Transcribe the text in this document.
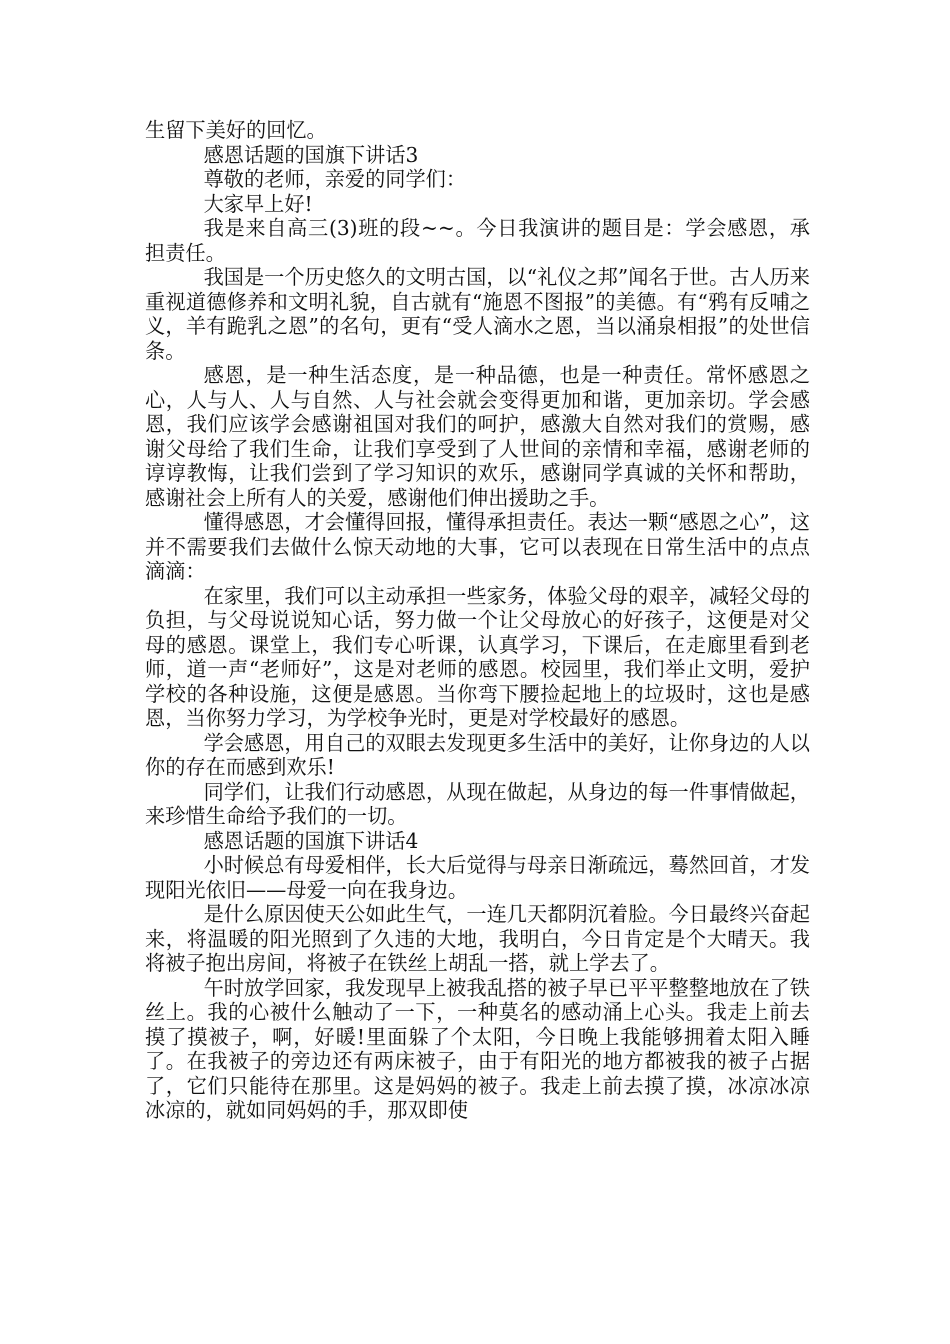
生留下美好的回忆。

感恩话题的国旗下讲话3

尊敬的老师，亲爱的同学们：

大家早上好!

我是来自高三(3)班的段~~。今日我演讲的题目是：学会感恩，承担责任。

我国是一个历史悠久的文明古国，以“礼仪之邦”闻名于世。古人历来重视道德修养和文明礼貌，自古就有“施恩不图报”的美德。有“鸦有反哺之义，羊有跪乳之恩”的名句，更有“受人滴水之恩，当以涌泉相报”的处世信条。

感恩，是一种生活态度，是一种品德，也是一种责任。常怀感恩之心，人与人、人与自然、人与社会就会变得更加和谐，更加亲切。学会感恩，我们应该学会感谢祖国对我们的呵护，感激大自然对我们的赏赐，感谢父母给了我们生命，让我们享受到了人世间的亲情和幸福，感谢老师的谆谆教悔，让我们尝到了学习知识的欢乐，感谢同学真诚的关怀和帮助，感谢社会上所有人的关爱，感谢他们伸出援助之手。

懂得感恩，才会懂得回报，懂得承担责任。表达一颗“感恩之心”，这并不需要我们去做什么惊天动地的大事，它可以表现在日常生活中的点点滴滴：

在家里，我们可以主动承担一些家务，体验父母的艰辛，减轻父母的负担，与父母说说知心话，努力做一个让父母放心的好孩子，这便是对父母的感恩。课堂上，我们专心听课，认真学习，下课后，在走廊里看到老师，道一声“老师好”，这是对老师的感恩。校园里，我们举止文明，爱护学校的各种设施，这便是感恩。当你弯下腰捡起地上的垃圾时，这也是感恩，当你努力学习，为学校争光时，更是对学校最好的感恩。

学会感恩，用自己的双眼去发现更多生活中的美好，让你身边的人以你的存在而感到欢乐!

同学们，让我们行动感恩，从现在做起，从身边的每一件事情做起，来珍惜生命给予我们的一切。

感恩话题的国旗下讲话4

小时候总有母爱相伴，长大后觉得与母亲日渐疏远，蓦然回首，才发现阳光依旧——母爱一向在我身边。

是什么原因使天公如此生气，一连几天都阴沉着脸。今日最终兴奋起来，将温暖的阳光照到了久违的大地，我明白，今日肯定是个大晴天。我将被子抱出房间，将被子在铁丝上胡乱一搭，就上学去了。

午时放学回家，我发现早上被我乱搭的被子早已平平整整地放在了铁丝上。我的心被什么触动了一下，一种莫名的感动涌上心头。我走上前去摸了摸被子，啊，好暖!里面躲了个太阳，今日晚上我能够拥着太阳入睡了。在我被子的旁边还有两床被子，由于有阳光的地方都被我的被子占据了，它们只能待在那里。这是妈妈的被子。我走上前去摸了摸，冰凉冰凉冰凉的，就如同妈妈的手，那双即使
